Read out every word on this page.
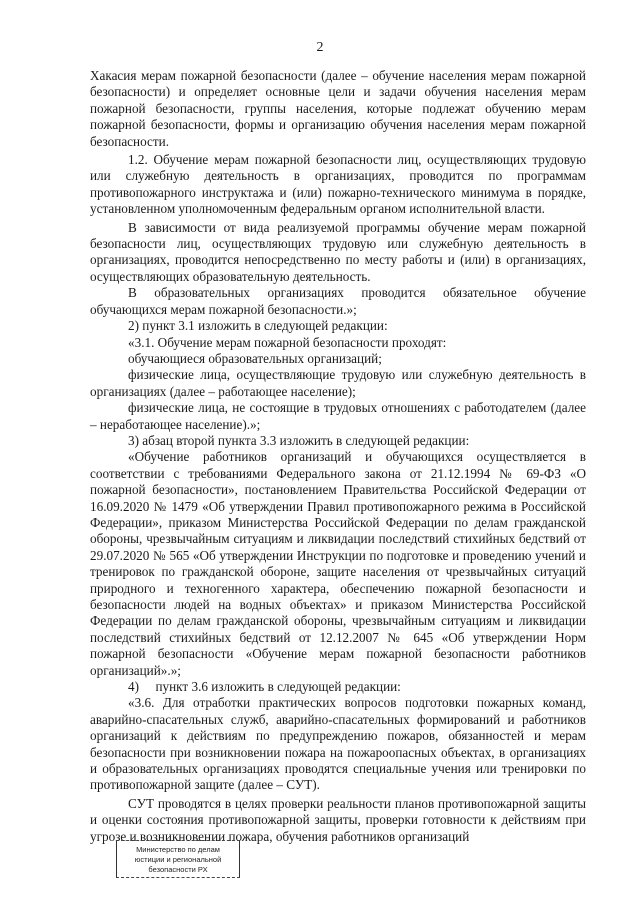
2

Хакасия мерам пожарной безопасности (далее – обучение населения мерам пожарной безопасности) и определяет основные цели и задачи обучения населения мерам пожарной безопасности, группы населения, которые подлежат обучению мерам пожарной безопасности, формы и организацию обучения населения мерам пожарной безопасности.

1.2. Обучение мерам пожарной безопасности лиц, осуществляющих трудовую или служебную деятельность в организациях, проводится по программам противопожарного инструктажа и (или) пожарно-технического минимума в порядке, установленном уполномоченным федеральным органом исполнительной власти.

В зависимости от вида реализуемой программы обучение мерам пожарной безопасности лиц, осуществляющих трудовую или служебную деятельность в организациях, проводится непосредственно по месту работы и (или) в организациях, осуществляющих образовательную деятельность.

В образовательных организациях проводится обязательное обучение обучающихся мерам пожарной безопасности.»;

2) пункт 3.1 изложить в следующей редакции:

«3.1. Обучение мерам пожарной безопасности проходят:

обучающиеся образовательных организаций;

физические лица, осуществляющие трудовую или служебную деятельность в организациях (далее – работающее население);

физические лица, не состоящие в трудовых отношениях с работодателем (далее – неработающее население).»;

3) абзац второй пункта 3.3 изложить в следующей редакции:

«Обучение работников организаций и обучающихся осуществляется в соответствии с требованиями Федерального закона от 21.12.1994 № 69-ФЗ «О пожарной безопасности», постановлением Правительства Российской Федерации от 16.09.2020 № 1479 «Об утверждении Правил противопожарного режима в Российской Федерации», приказом Министерства Российской Федерации по делам гражданской обороны, чрезвычайным ситуациям и ликвидации последствий стихийных бедствий от 29.07.2020 № 565 «Об утверждении Инструкции по подготовке и проведению учений и тренировок по гражданской обороне, защите населения от чрезвычайных ситуаций природного и техногенного характера, обеспечению пожарной безопасности и безопасности людей на водных объектах» и приказом Министерства Российской Федерации по делам гражданской обороны, чрезвычайным ситуациям и ликвидации последствий стихийных бедствий от 12.12.2007 № 645 «Об утверждении Норм пожарной безопасности «Обучение мерам пожарной безопасности работников организаций».»;

4)     пункт 3.6 изложить в следующей редакции:

«3.6. Для отработки практических вопросов подготовки пожарных команд, аварийно-спасательных служб, аварийно-спасательных формирований и работников организаций к действиям по предупреждению пожаров, обязанностей и мерам безопасности при возникновении пожара на пожароопасных объектах, в организациях и образовательных организациях проводятся специальные учения или тренировки по противопожарной защите (далее – СУТ).

СУТ проводятся в целях проверки реальности планов противопожарной защиты и оценки состояния противопожарной защиты, проверки готовности к действиям при угрозе и возникновении пожара, обучения работников организаций

Министерство по делам
юстиции и региональной
безопасности РХ
